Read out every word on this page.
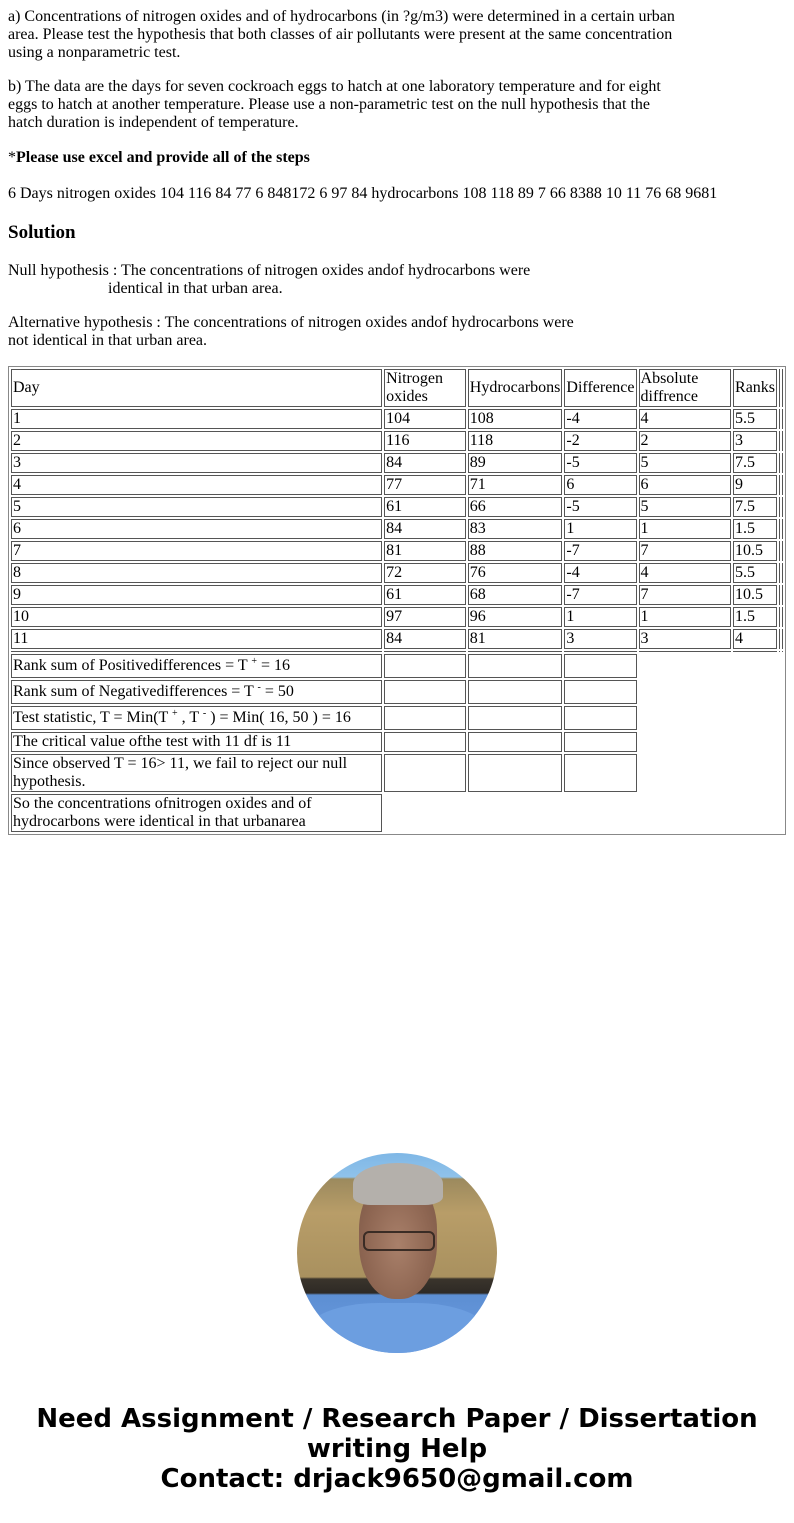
a) Concentrations of nitrogen oxides and of hydrocarbons (in ?g/m3) were determined in a certain urban area. Please test the hypothesis that both classes of air pollutants were present at the same concentration using a nonparametric test.

b) The data are the days for seven cockroach eggs to hatch at one laboratory temperature and for eight eggs to hatch at another temperature. Please use a non-parametric test on the null hypothesis that the hatch duration is independent of temperature.

*Please use excel and provide all of the steps

6 Days nitrogen oxides 104 116 84 77 6 848172 6 97 84 hydrocarbons 108 118 89 7 66 8388 10 11 76 68 9681

Solution
Null hypothesis : The concentrations of nitrogen oxides andof hydrocarbons were
identical in that urban area.
Alternative hypothesis : The concentrations of nitrogen oxides andof hydrocarbons were
not identical in that urban area.
Day	Nitrogen oxides	Hydrocarbons	Difference	Absolute diffrence	Ranks	
1	104	108	-4	4	5.5	
2	116	118	-2	2	3	
3	84	89	-5	5	7.5	
4	77	71	6	6	9	
5	61	66	-5	5	7.5	
6	84	83	1	1	1.5	
7	81	88	-7	7	10.5	
8	72	76	-4	4	5.5	
9	61	68	-7	7	10.5	
10	97	96	1	1	1.5	
11	84	81	3	3	4	

Rank sum of Positivedifferences = T + = 16						
Rank sum of Negativedifferences = T - = 50						
Test statistic, T = Min(T + , T - ) = Min( 16, 50 ) = 16						
The critical value ofthe test with 11 df is 11						
Since observed T = 16> 11, we fail to reject our null hypothesis.						
So the concentrations ofnitrogen oxides and of hydrocarbons were identical in that urbanarea						
Need Assignment / Research Paper / Dissertation
writing Help
Contact: drjack9650@gmail.com
